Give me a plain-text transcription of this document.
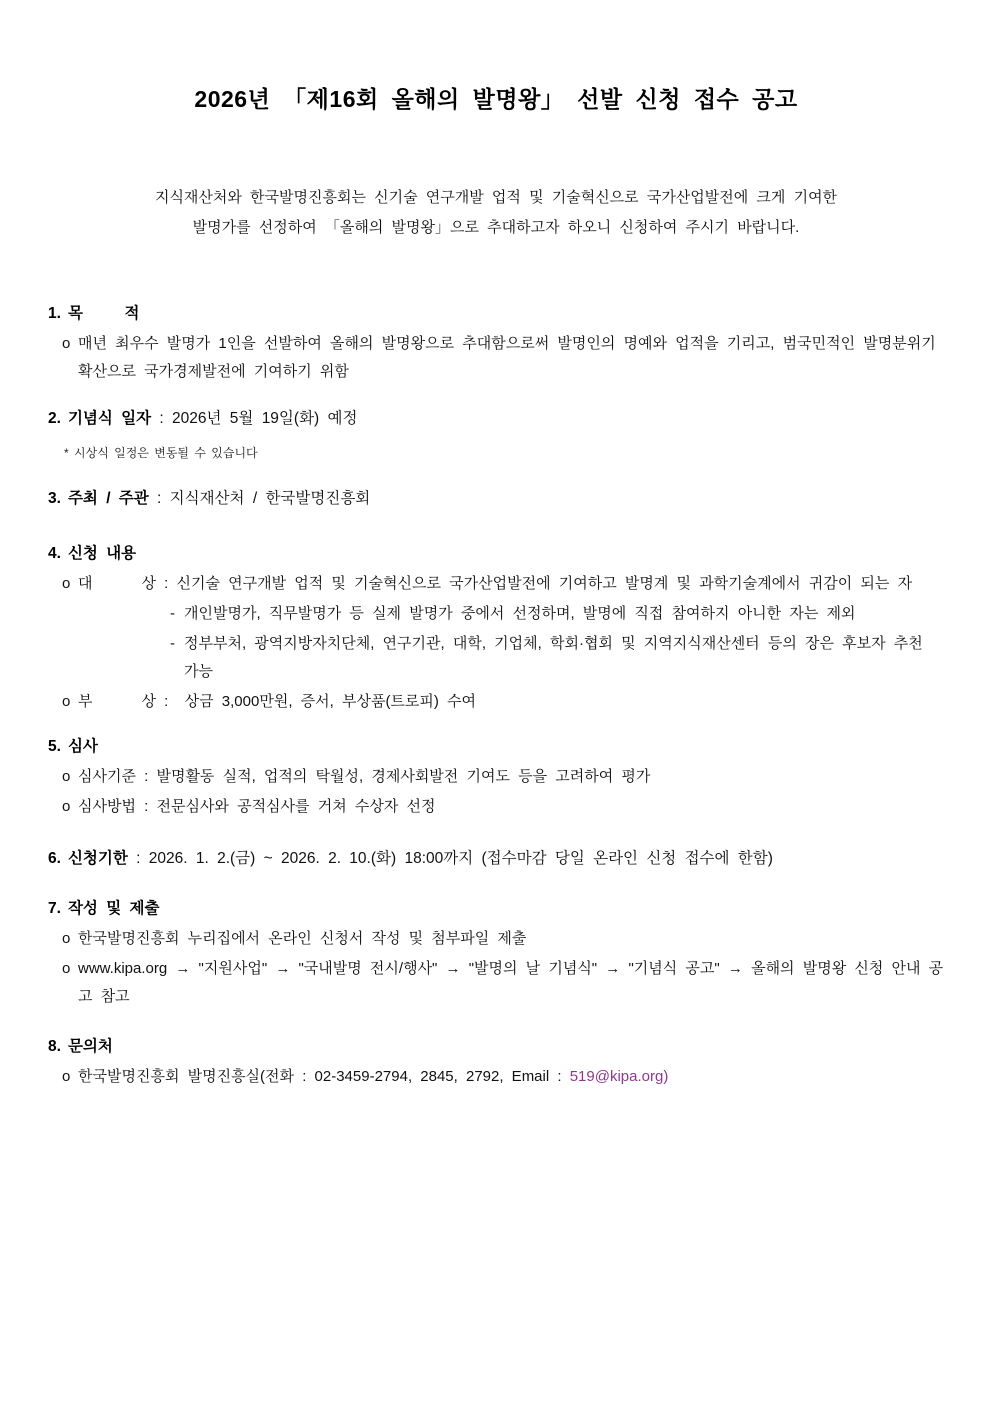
2026년 「제16회 올해의 발명왕」 선발 신청 접수 공고

지식재산처와 한국발명진흥회는 신기술 연구개발 업적 및 기술혁신으로 국가산업발전에 크게 기여한
발명가를 선정하여 「올해의 발명왕」으로 추대하고자 하오니 신청하여 주시기 바랍니다.

1. 목     적
o 매년 최우수 발명가 1인을 선발하여 올해의 발명왕으로 추대함으로써 발명인의 명예와 업적을 기리고, 범국민적인 발명분위기 확산으로 국가경제발전에 기여하기 위함
2. 기념식 일자 : 2026년 5월 19일(화) 예정
* 시상식 일정은 변동될 수 있습니다
3. 주최 / 주관 : 지식재산처 / 한국발명진흥회
4. 신청 내용
o 대      상 : 신기술 연구개발 업적 및 기술혁신으로 국가산업발전에 기여하고 발명계 및 과학기술계에서 귀감이 되는 자
- 개인발명가, 직무발명가 등 실제 발명가 중에서 선정하며, 발명에 직접 참여하지 아니한 자는 제외
- 정부부처, 광역지방자치단체, 연구기관, 대학, 기업체, 학회·협회 및 지역지식재산센터 등의 장은 후보자 추천 가능
o 부      상 :  상금 3,000만원, 증서, 부상품(트로피) 수여
5. 심사
o 심사기준 : 발명활동 실적, 업적의 탁월성, 경제사회발전 기여도 등을 고려하여 평가
o 심사방법 : 전문심사와 공적심사를 거쳐 수상자 선정
6. 신청기한 : 2026. 1. 2.(금) ~ 2026. 2. 10.(화) 18:00까지 (접수마감 당일 온라인 신청 접수에 한함)
7. 작성 및 제출
o 한국발명진흥회 누리집에서 온라인 신청서 작성 및 첨부파일 제출
o www.kipa.org → "지원사업" → "국내발명 전시/행사" → "발명의 날 기념식" → "기념식 공고" → 올해의 발명왕 신청 안내 공고 참고
8. 문의처
o 한국발명진흥회 발명진흥실(전화 : 02-3459-2794, 2845, 2792, Email : 519@kipa.org)
